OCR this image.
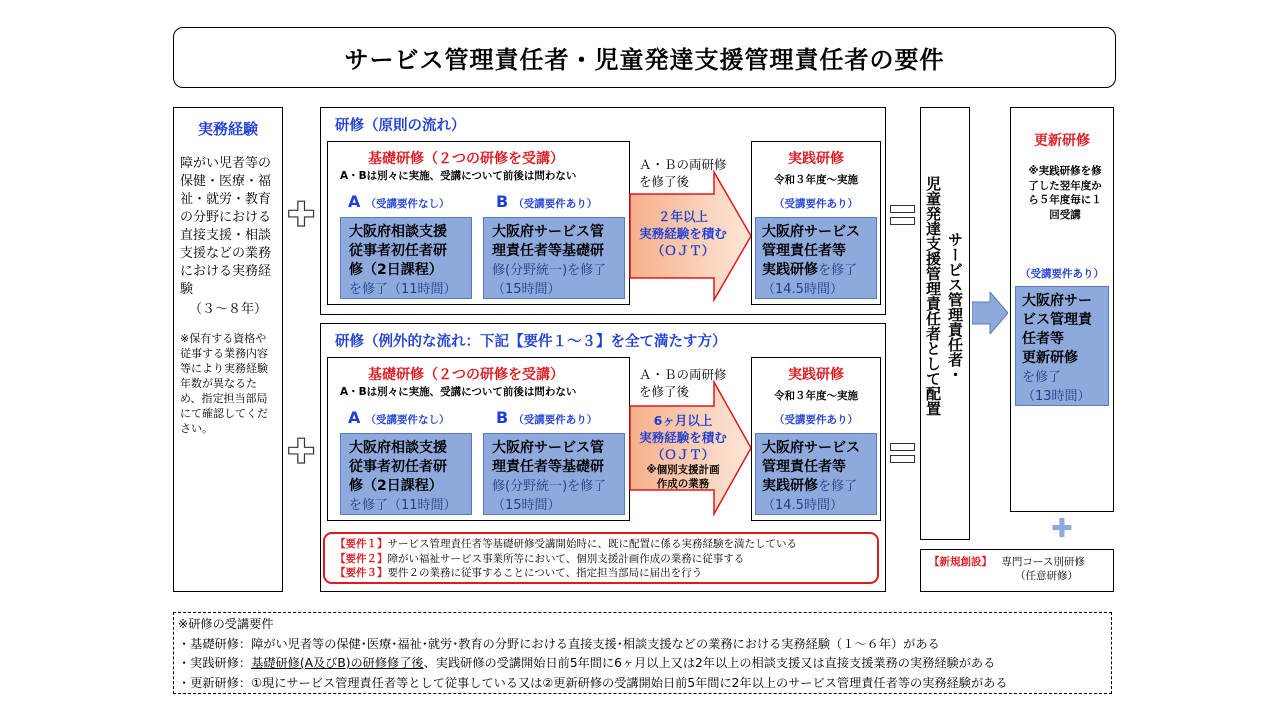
サービス管理責任者・児童発達支援管理責任者の要件
実務経験
障がい児者等の保健・医療・福祉・就労・教育の分野における直接支援・相談支援などの業務における実務経験
（３～８年）
※保有する資格や従事する業務内容等により実務経験年数が異なるため、指定担当部局にて確認してください。
✚
✚
研修（原則の流れ）
基礎研修（２つの研修を受講）
A・Bは別々に実施、受講について前後は問わない
A （受講要件なし）
大阪府相談支援
従事者初任者研
修（2日課程）
を修了（11時間）
B （受講要件あり）
大阪府サービス管
理責任者等基礎研
修(分野統一)を修了
（15時間）
Ａ・Ｂの両研修
を修了後
２年以上
実務経験を積む
（ＯＪＴ）
実践研修
令和３年度～実施
（受講要件あり）
大阪府サービス
管理責任者等
実践研修を修了
（14.5時間）
研修（例外的な流れ：下記【要件１～３】を全て満たす方）
基礎研修（２つの研修を受講）
A・Bは別々に実施、受講について前後は問わない
A （受講要件なし）
大阪府相談支援
従事者初任者研
修（2日課程）
を修了（11時間）
B （受講要件あり）
大阪府サービス管
理責任者等基礎研
修(分野統一)を修了
（15時間）
Ａ・Ｂの両研修
を修了後
6ヶ月以上
実務経験を積む
（ＯＪＴ）
※個別支援計画
作成の業務
実践研修
令和３年度～実施
（受講要件あり）
大阪府サービス
管理責任者等
実践研修を修了
（14.5時間）
【要件１】サービス管理責任者等基礎研修受講開始時に、既に配置に係る実務経験を満たしている
【要件２】障がい福祉サービス事業所等において、個別支援計画作成の業務に従事する
【要件３】要件２の業務に従事することについて、指定担当部局に届出を行う
児童発達支援管理責任者として配置 サービス管理責任者・
更新研修
※実践研修を修了した翌年度から５年度毎に１回受講
（受講要件あり）
大阪府サー
ビス管理責
任者等
更新研修
を修了
（13時間）
✚
【新規創設】 専門コース別研修
（任意研修）
※研修の受講要件
・基礎研修：障がい児者等の保健･医療･福祉･就労･教育の分野における直接支援･相談支援などの業務における実務経験（１～６年）がある
・実践研修：基礎研修(A及びB)の研修修了後、実践研修の受講開始日前5年間に6ヶ月以上又は2年以上の相談支援又は直接支援業務の実務経験がある
・更新研修：①現にサービス管理責任者等として従事している又は②更新研修の受講開始日前5年間に2年以上のサービス管理責任者等の実務経験がある
